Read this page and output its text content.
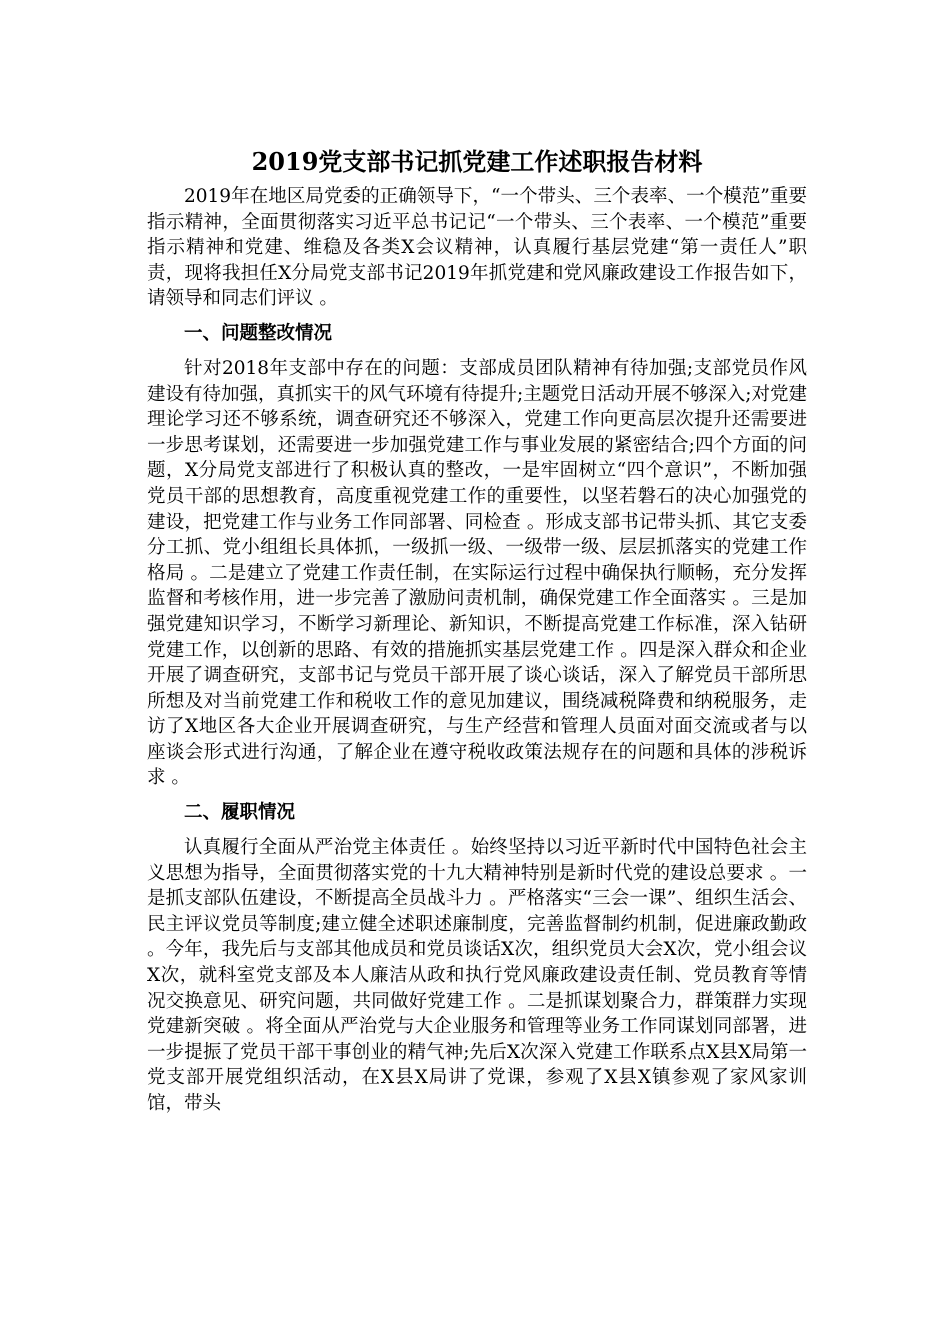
2019党支部书记抓党建工作述职报告材料

2019年在地区局党委的正确领导下，“一个带头、三个表率、一个模范”重要指示精神，全面贯彻落实习近平总书记记“一个带头、三个表率、一个模范”重要指示精神和党建、维稳及各类X会议精神，认真履行基层党建“第一责任人”职责，现将我担任X分局党支部书记2019年抓党建和党风廉政建设工作报告如下，请领导和同志们评议 。

一、问题整改情况

针对2018年支部中存在的问题：支部成员团队精神有待加强;支部党员作风建设有待加强，真抓实干的风气环境有待提升;主题党日活动开展不够深入;对党建理论学习还不够系统，调查研究还不够深入，党建工作向更高层次提升还需要进一步思考谋划，还需要进一步加强党建工作与事业发展的紧密结合;四个方面的问题，X分局党支部进行了积极认真的整改，一是牢固树立“四个意识”，不断加强党员干部的思想教育，高度重视党建工作的重要性，以坚若磐石的决心加强党的建设，把党建工作与业务工作同部署、同检查 。形成支部书记带头抓、其它支委分工抓、党小组组长具体抓，一级抓一级、一级带一级、层层抓落实的党建工作格局 。二是建立了党建工作责任制，在实际运行过程中确保执行顺畅，充分发挥监督和考核作用，进一步完善了激励问责机制，确保党建工作全面落实 。三是加强党建知识学习，不断学习新理论、新知识，不断提高党建工作标准，深入钻研党建工作，以创新的思路、有效的措施抓实基层党建工作 。四是深入群众和企业开展了调查研究，支部书记与党员干部开展了谈心谈话，深入了解党员干部所思所想及对当前党建工作和税收工作的意见加建议，围绕减税降费和纳税服务，走访了X地区各大企业开展调查研究，与生产经营和管理人员面对面交流或者与以座谈会形式进行沟通，了解企业在遵守税收政策法规存在的问题和具体的涉税诉求 。

二、履职情况

认真履行全面从严治党主体责任 。始终坚持以习近平新时代中国特色社会主义思想为指导，全面贯彻落实党的十九大精神特别是新时代党的建设总要求 。一是抓支部队伍建设，不断提高全员战斗力 。严格落实“三会一课”、组织生活会、民主评议党员等制度;建立健全述职述廉制度，完善监督制约机制，促进廉政勤政 。今年，我先后与支部其他成员和党员谈话X次，组织党员大会X次，党小组会议X次，就科室党支部及本人廉洁从政和执行党风廉政建设责任制、党员教育等情况交换意见、研究问题，共同做好党建工作 。二是抓谋划聚合力，群策群力实现党建新突破 。将全面从严治党与大企业服务和管理等业务工作同谋划同部署，进一步提振了党员干部干事创业的精气神;先后X次深入党建工作联系点X县X局第一党支部开展党组织活动，在X县X局讲了党课，参观了X县X镇参观了家风家训馆，带头
